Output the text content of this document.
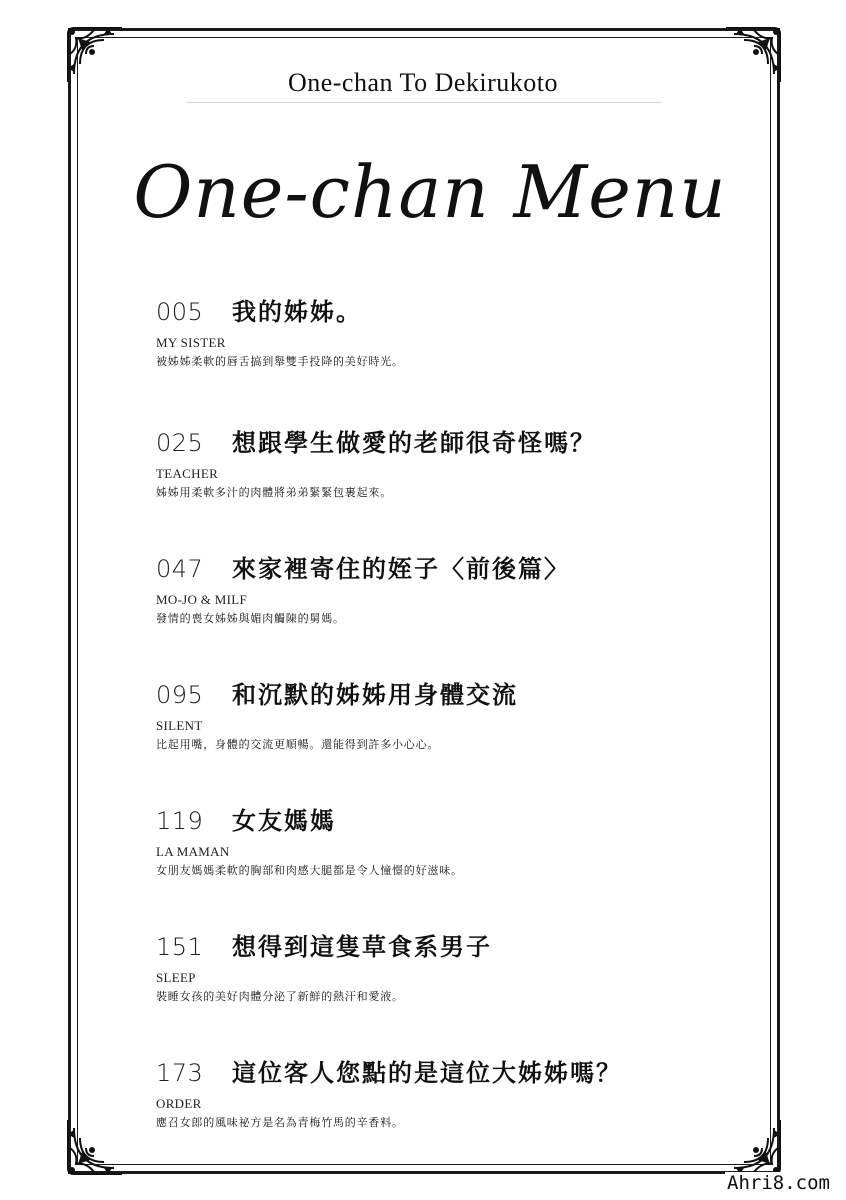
One-chan To Dekirukoto
One-chan Menu
005	我的姊姊。
MY SISTER
被姊姊柔軟的唇舌搞到舉雙手投降的美好時光。
025	想跟學生做愛的老師很奇怪嗎？
TEACHER
姊姊用柔軟多汁的肉體將弟弟緊緊包裹起來。
047	來家裡寄住的姪子〈前後篇〉
MO-JO & MILF
發情的喪女姊姊與媚肉觸陳的舅媽。
095	和沉默的姊姊用身體交流
SILENT
比起用嘴，身體的交流更順暢。還能得到許多小心心。
119	女友媽媽
LA MAMAN
女朋友媽媽柔軟的胸部和肉感大腿都是令人憧憬的好滋味。
151	想得到這隻草食系男子
SLEEP
裝睡女孩的美好肉體分泌了新鮮的熱汗和愛液。
173	這位客人您點的是這位大姊姊嗎？
ORDER
應召女郎的風味祕方是名為青梅竹馬的辛香料。
Ahri8.com
